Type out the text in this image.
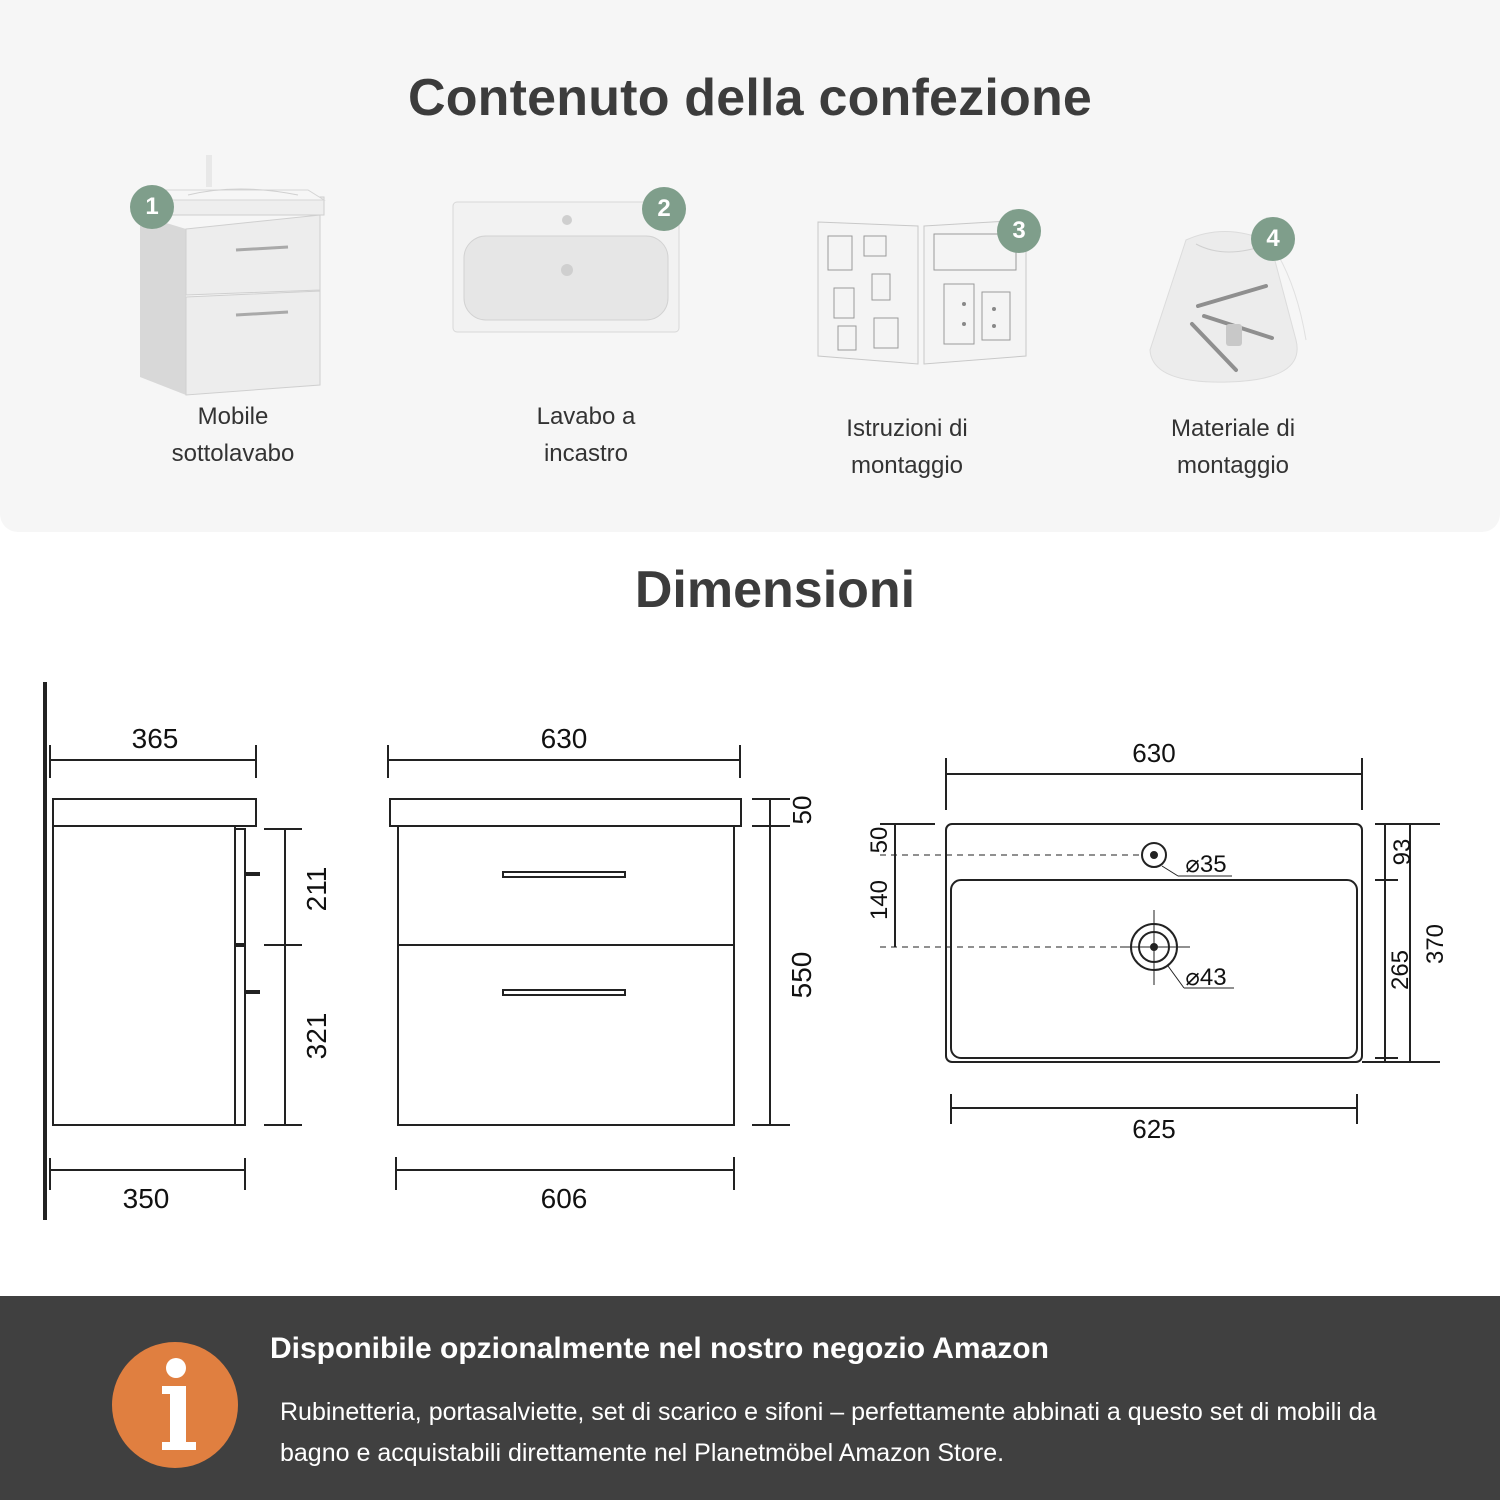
Contenuto della confezione
1
Mobile
sottolavabo
2
Lavabo a
incastro
3
Istruzioni di
montaggio
4
Materiale di
montaggio
Dimensioni
365
350
211
321
630
606
50
550
630
625
50
140
⌀35
⌀43
93
265
370
Disponibile opzionalmente nel nostro negozio Amazon
Rubinetteria, portasalviette, set di scarico e sifoni – perfettamente abbinati a questo set di mobili da bagno e acquistabili direttamente nel Planetmöbel Amazon Store.
